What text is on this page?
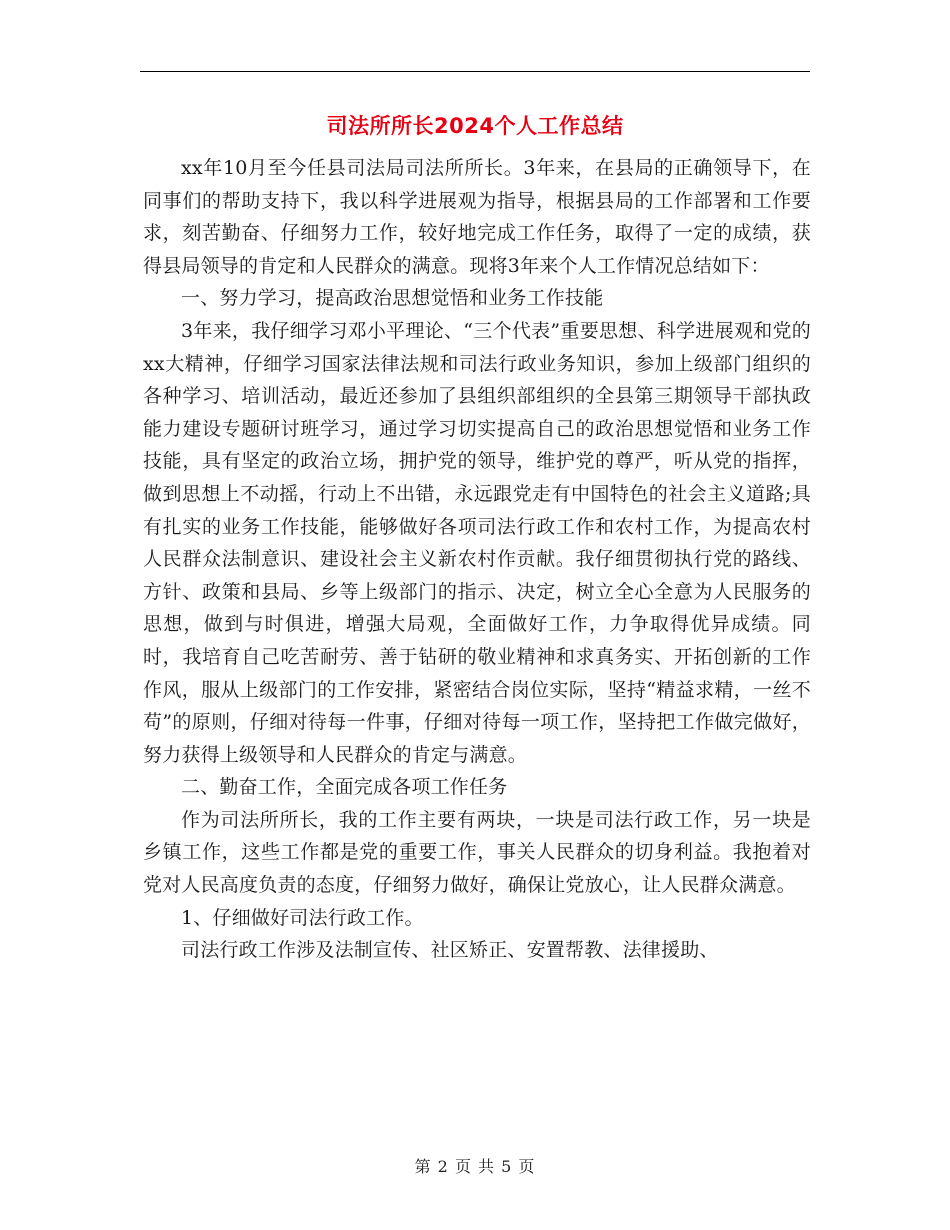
司法所所长2024个人工作总结

xx年10月至今任县司法局司法所所长。3年来，在县局的正确领导下，在同事们的帮助支持下，我以科学进展观为指导，根据县局的工作部署和工作要求，刻苦勤奋、仔细努力工作，较好地完成工作任务，取得了一定的成绩，获得县局领导的肯定和人民群众的满意。现将3年来个人工作情况总结如下：

一、努力学习，提高政治思想觉悟和业务工作技能

3年来，我仔细学习邓小平理论、“三个代表”重要思想、科学进展观和党的xx大精神，仔细学习国家法律法规和司法行政业务知识，参加上级部门组织的各种学习、培训活动，最近还参加了县组织部组织的全县第三期领导干部执政能力建设专题研讨班学习，通过学习切实提高自己的政治思想觉悟和业务工作技能，具有坚定的政治立场，拥护党的领导，维护党的尊严，听从党的指挥，做到思想上不动摇，行动上不出错，永远跟党走有中国特色的社会主义道路;具有扎实的业务工作技能，能够做好各项司法行政工作和农村工作，为提高农村人民群众法制意识、建设社会主义新农村作贡献。我仔细贯彻执行党的路线、方针、政策和县局、乡等上级部门的指示、决定，树立全心全意为人民服务的思想，做到与时俱进，增强大局观，全面做好工作，力争取得优异成绩。同时，我培育自己吃苦耐劳、善于钻研的敬业精神和求真务实、开拓创新的工作作风，服从上级部门的工作安排，紧密结合岗位实际，坚持“精益求精，一丝不苟”的原则，仔细对待每一件事，仔细对待每一项工作，坚持把工作做完做好，努力获得上级领导和人民群众的肯定与满意。

二、勤奋工作，全面完成各项工作任务

作为司法所所长，我的工作主要有两块，一块是司法行政工作，另一块是乡镇工作，这些工作都是党的重要工作，事关人民群众的切身利益。我抱着对党对人民高度负责的态度，仔细努力做好，确保让党放心，让人民群众满意。

1、仔细做好司法行政工作。

司法行政工作涉及法制宣传、社区矫正、安置帮教、法律援助、

第 2 页 共 5 页
